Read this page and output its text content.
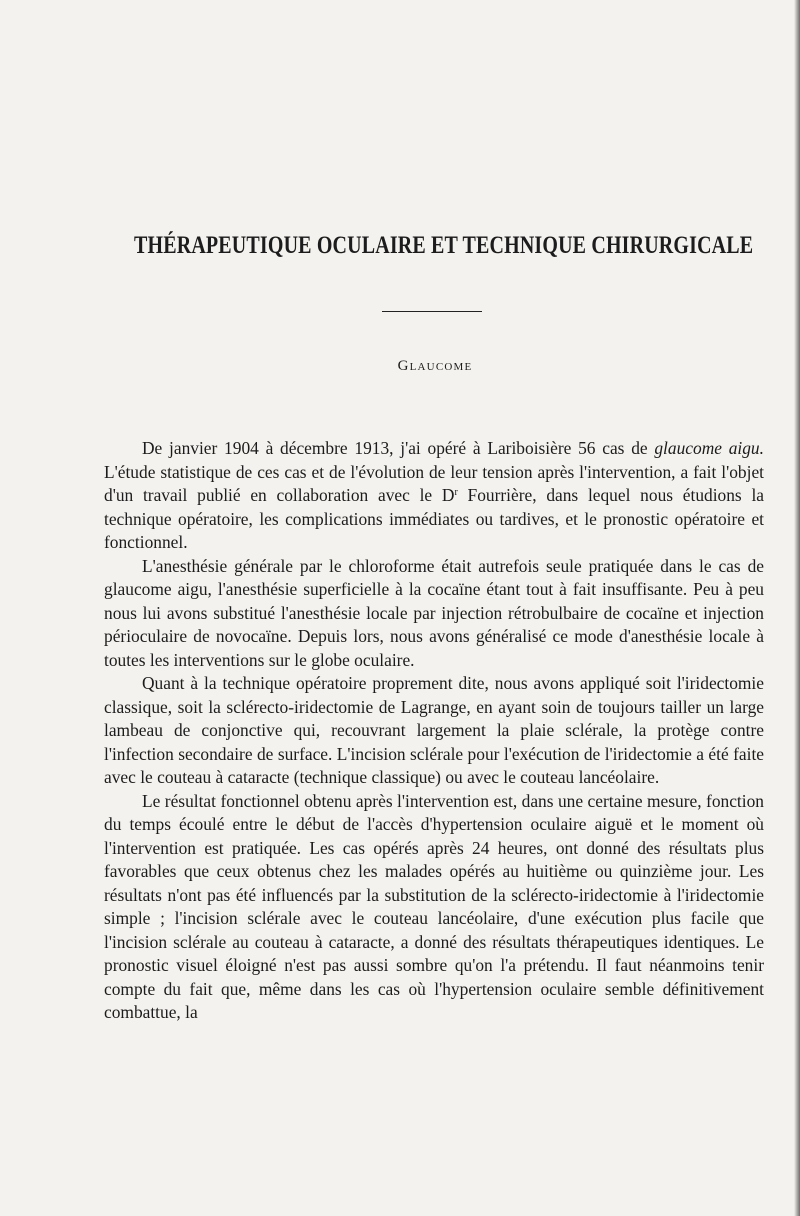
THÉRAPEUTIQUE OCULAIRE ET TECHNIQUE CHIRURGICALE
Glaucome

De janvier 1904 à décembre 1913, j'ai opéré à Lariboisière 56 cas de glaucome aigu. L'étude statistique de ces cas et de l'évolution de leur tension après l'intervention, a fait l'objet d'un travail publié en collaboration avec le $D^r$ Fourrière, dans lequel nous étudions la technique opératoire, les complications immédiates ou tardives, et le pronostic opératoire et fonctionnel.

L'anesthésie générale par le chloroforme était autrefois seule pratiquée dans le cas de glaucome aigu, l'anesthésie superficielle à la cocaïne étant tout à fait insuffisante. Peu à peu nous lui avons substitué l'anesthésie locale par injection rétrobulbaire de cocaïne et injection périoculaire de novocaïne. Depuis lors, nous avons généralisé ce mode d'anesthésie locale à toutes les interventions sur le globe oculaire.

Quant à la technique opératoire proprement dite, nous avons appliqué soit l'iridectomie classique, soit la sclérecto-iridectomie de Lagrange, en ayant soin de toujours tailler un large lambeau de conjonctive qui, recouvrant largement la plaie sclérale, la protège contre l'infection secondaire de surface. L'incision sclérale pour l'exécution de l'iridectomie a été faite avec le couteau à cataracte (technique classique) ou avec le couteau lancéolaire.

Le résultat fonctionnel obtenu après l'intervention est, dans une certaine mesure, fonction du temps écoulé entre le début de l'accès d'hypertension oculaire aiguë et le moment où l'intervention est pratiquée. Les cas opérés après 24 heures, ont donné des résultats plus favorables que ceux obtenus chez les malades opérés au huitième ou quinzième jour. Les résultats n'ont pas été influencés par la substitution de la sclérecto-iridectomie à l'iridectomie simple ; l'incision sclérale avec le couteau lancéolaire, d'une exécution plus facile que l'incision sclérale au couteau à cataracte, a donné des résultats thérapeutiques identiques. Le pronostic visuel éloigné n'est pas aussi sombre qu'on l'a prétendu. Il faut néanmoins tenir compte du fait que, même dans les cas où l'hypertension oculaire semble définitivement combattue, la
